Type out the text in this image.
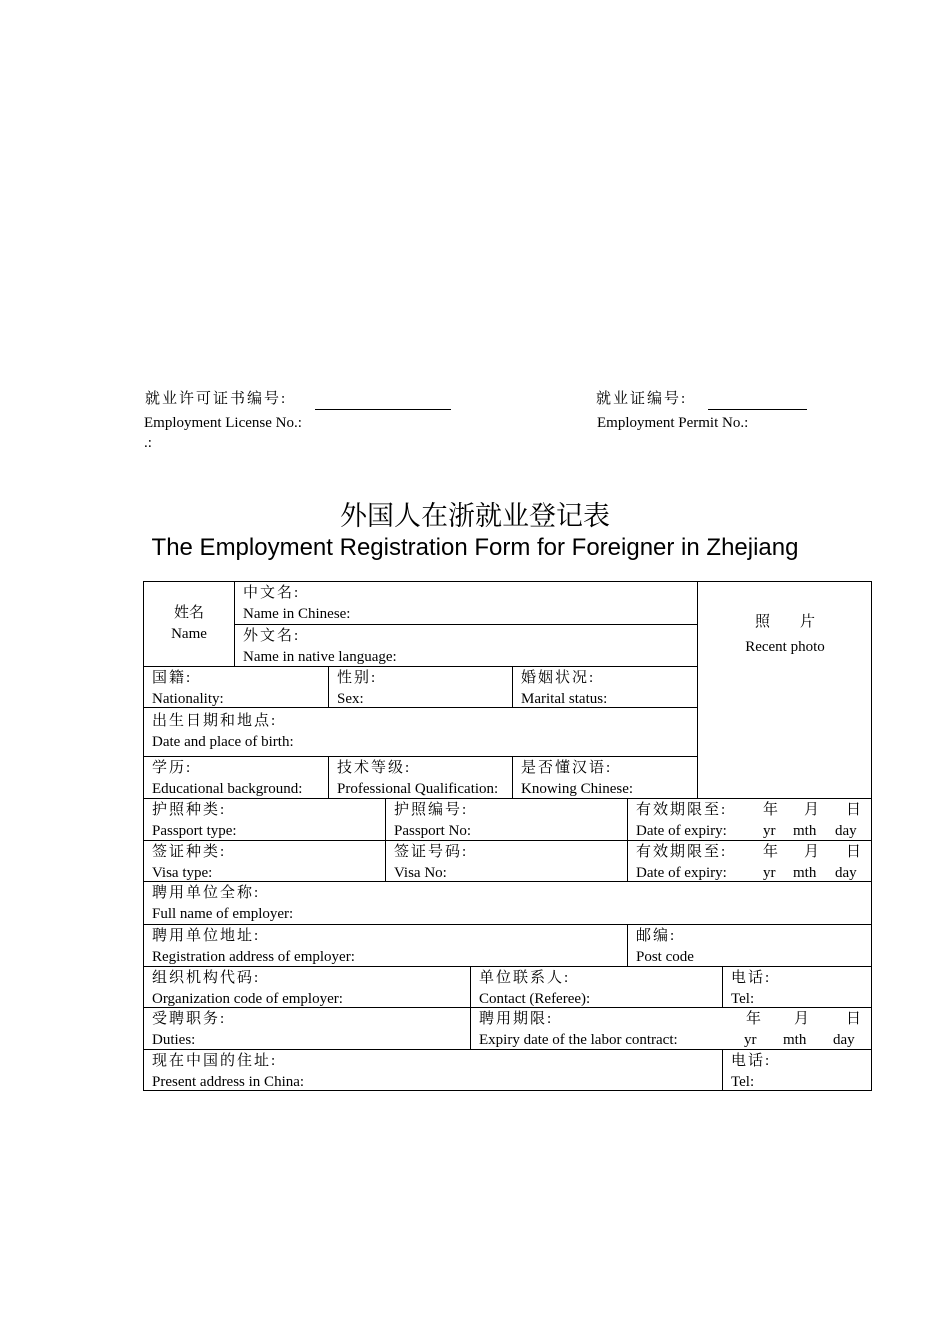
就业许可证书编号:
Employment License No.:
.:
就业证编号:
Employment Permit No.:
外国人在浙就业登记表
The Employment Registration Form for Foreigner in Zhejiang
姓名
Name
中文名:
Name in Chinese:
外文名:
Name in native language:
照　　片
Recent photo
国籍:
Nationality:
性别:
Sex:
婚姻状况:
Marital status:
出生日期和地点:
Date and place of birth:
学历:
Educational background:
技术等级:
Professional Qualification:
是否懂汉语:
Knowing Chinese:
护照种类:
Passport type:
护照编号:
Passport No:
有效期限至:
Date of expiry:
年 月 日
yr mth day
签证种类:
Visa type:
签证号码:
Visa No:
有效期限至:
Date of expiry:
年 月 日
yr mth day
聘用单位全称:
Full name of employer:
聘用单位地址:
Registration address of employer:
邮编:
Post code
组织机构代码:
Organization code of employer:
单位联系人:
Contact (Referee):
电话:
Tel:
受聘职务:
Duties:
聘用期限:
Expiry date of the labor contract:
年 月 日
yr mth day
现在中国的住址:
Present address in China:
电话:
Tel:
